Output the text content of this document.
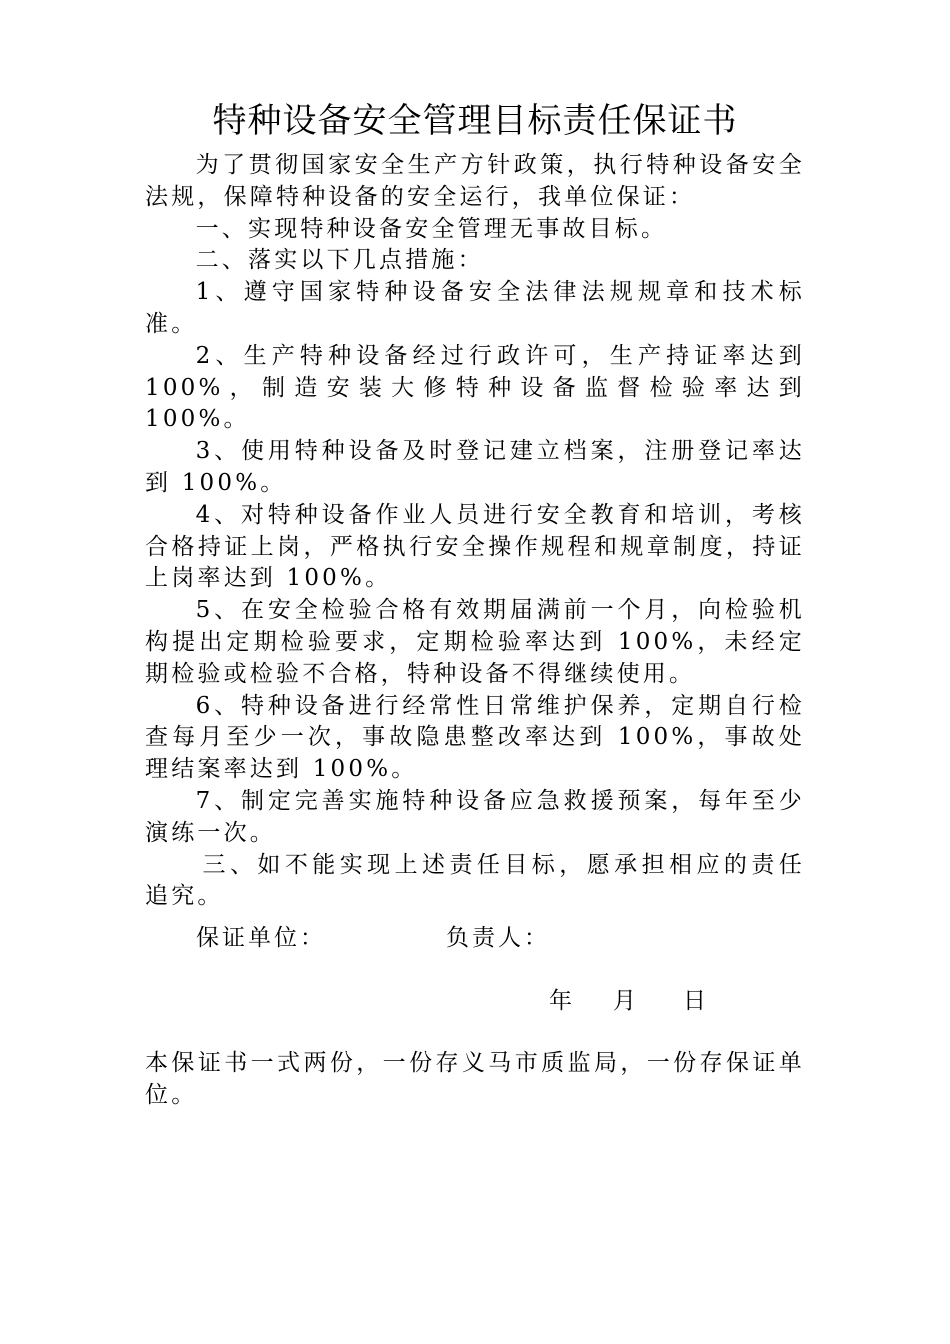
特种设备安全管理目标责任保证书

为了贯彻国家安全生产方针政策，执行特种设备安全法规，保障特种设备的安全运行，我单位保证：

一、实现特种设备安全管理无事故目标。

二、落实以下几点措施：

1、遵守国家特种设备安全法律法规规章和技术标准。

2、生产特种设备经过行政许可，生产持证率达到100%，制造安装大修特种设备监督检验率达到 100%。

3、使用特种设备及时登记建立档案，注册登记率达到 100%。

4、对特种设备作业人员进行安全教育和培训，考核合格持证上岗，严格执行安全操作规程和规章制度，持证上岗率达到 100%。

5、在安全检验合格有效期届满前一个月，向检验机构提出定期检验要求，定期检验率达到 100%，未经定期检验或检验不合格，特种设备不得继续使用。

6、特种设备进行经常性日常维护保养，定期自行检查每月至少一次，事故隐患整改率达到 100%，事故处理结案率达到 100%。

7、制定完善实施特种设备应急救援预案，每年至少演练一次。

三、如不能实现上述责任目标，愿承担相应的责任追究。

保证单位：	负责人：
年 月 日

本保证书一式两份，一份存义马市质监局，一份存保证单位。
